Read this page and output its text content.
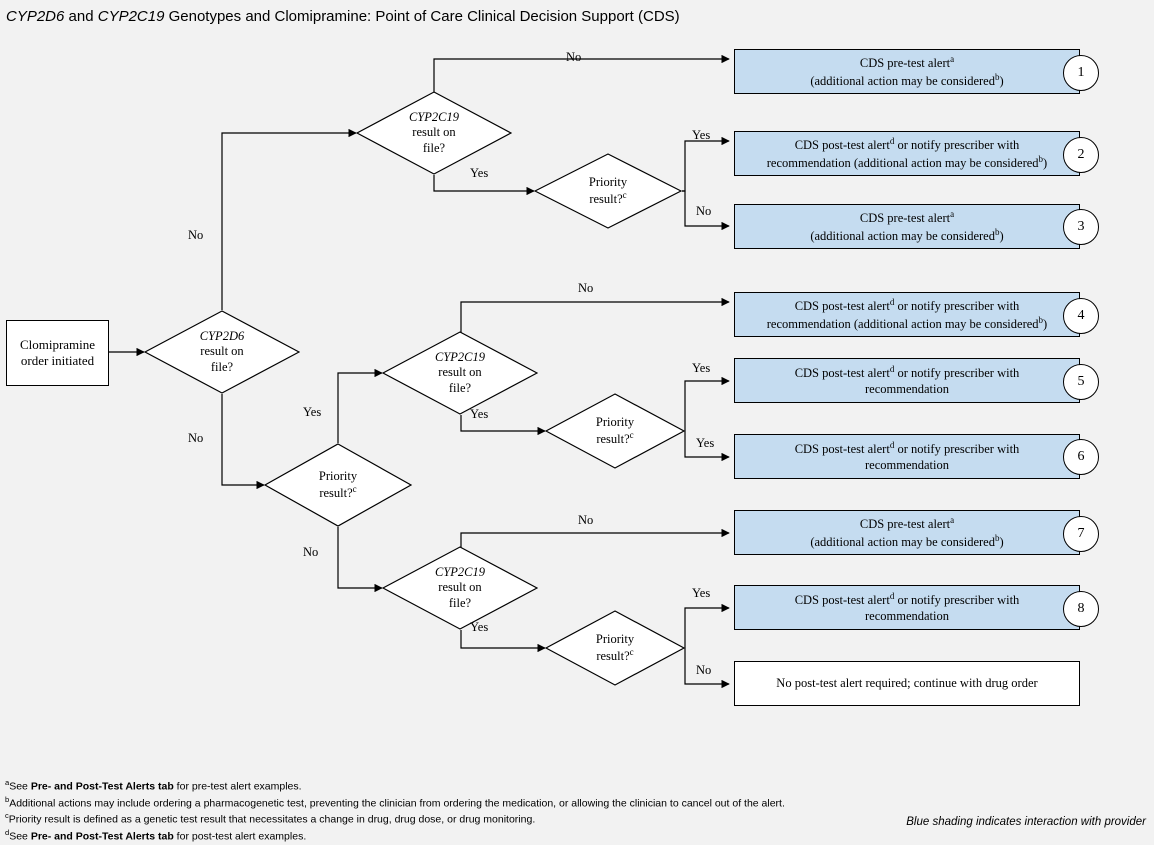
CYP2D6 and CYP2C19 Genotypes and Clomipramine: Point of Care Clinical Decision Support (CDS)
Clomipramine
order initiated
CYP2D6
result on
file?
CYP2C19
result on
file?
Priority
result?$^c$
Priority
result?$^c$
CYP2C19
result on
file?
Priority
result?$^c$
CYP2C19
result on
file?
Priority
result?$^c$
No
Yes
No
Yes
No
No
Yes
Yes
No
Yes
Yes
No
No
Yes
Yes
No
CDS pre-test alert$^a$
(additional action may be considered$^b$)
1
CDS post-test alert$^d$ or notify prescriber with
recommendation (additional action may be considered$^b$)
2
CDS pre-test alert$^a$
(additional action may be considered$^b$)
3
CDS post-test alert$^d$ or notify prescriber with
recommendation (additional action may be considered$^b$)
4
CDS post-test alert$^d$ or notify prescriber with
recommendation	5
CDS post-test alert$^d$ or notify prescriber with
recommendation
6
CDS pre-test alert$^a$
(additional action may be considered$^b$)
7
CDS post-test alert$^d$ or notify prescriber with
recommendation	8
No post-test alert required; continue with drug order
$^a$See Pre- and Post-Test Alerts tab for pre-test alert examples.
$^b$Additional actions may include ordering a pharmacogenetic test, preventing the clinician from ordering the medication, or allowing the clinician to cancel out of the alert.
$^c$Priority result is defined as a genetic test result that necessitates a change in drug, drug dose, or drug monitoring.
$^d$See Pre- and Post-Test Alerts tab for post-test alert examples.
Blue shading indicates interaction with provider
